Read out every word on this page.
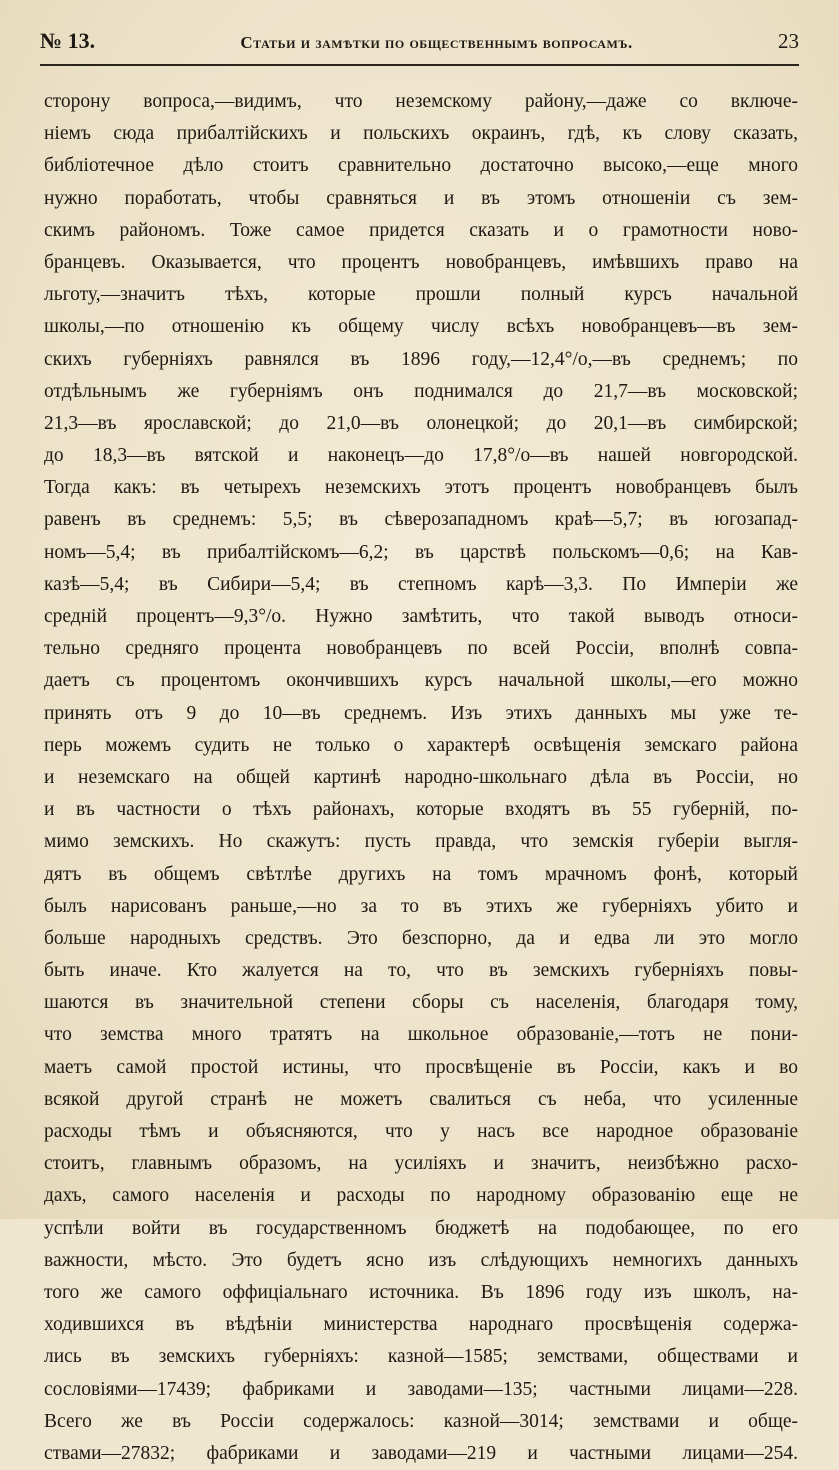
№ 13.	Статьи и замѣтки по общественнымъ вопросамъ.	23
сторону вопроса,—видимъ, что неземскому району,—даже со включе-
ніемъ сюда прибалтійскихъ и польскихъ окраинъ, гдѣ, къ слову сказать,
библіотечное дѣло стоитъ сравнительно достаточно высоко,—еще много
нужно поработать, чтобы сравняться и въ этомъ отношеніи съ зем-
скимъ райономъ. Тоже самое придется сказать и о грамотности ново-
бранцевъ. Оказывается, что процентъ новобранцевъ, имѣвшихъ право на
льготу,—значитъ тѣхъ, которые прошли полный курсъ начальной
школы,—по отношенію къ общему числу всѣхъ новобранцевъ—въ зем-
скихъ губерніяхъ равнялся въ 1896 году,—12,4°/о,—въ среднемъ; по
отдѣльнымъ же губерніямъ онъ поднимался до 21,7—въ московской;
21,3—въ ярославской; до 21,0—въ олонецкой; до 20,1—въ симбирской;
до 18,3—въ вятской и наконецъ—до 17,8°/о—въ нашей новгородской.
Тогда какъ: въ четырехъ неземскихъ этотъ процентъ новобранцевъ былъ
равенъ въ среднемъ: 5,5; въ сѣверозападномъ краѣ—5,7; въ югозапад-
номъ—5,4; въ прибалтійскомъ—6,2; въ царствѣ польскомъ—0,6; на Кав-
казѣ—5,4; въ Сибири—5,4; въ степномъ карѣ—3,3. По Имперіи же
средній процентъ—9,3°/о. Нужно замѣтить, что такой выводъ относи-
тельно средняго процента новобранцевъ по всей Россіи, вполнѣ совпа-
даетъ съ процентомъ окончившихъ курсъ начальной школы,—его можно
принять отъ 9 до 10—въ среднемъ. Изъ этихъ данныхъ мы уже те-
перь можемъ судить не только о характерѣ освѣщенія земскаго района
и неземскаго на общей картинѣ народно-школьнаго дѣла въ Россіи, но
и въ частности о тѣхъ районахъ, которые входятъ въ 55 губерній, по-
мимо земскихъ. Но скажутъ: пусть правда, что земскія губеріи выгля-
дятъ въ общемъ свѣтлѣе другихъ на томъ мрачномъ фонѣ, который
былъ нарисованъ раньше,—но за то въ этихъ же губерніяхъ убито и
больше народныхъ средствъ. Это безспорно, да и едва ли это могло
быть иначе. Кто жалуется на то, что въ земскихъ губерніяхъ повы-
шаются въ значительной степени сборы съ населенія, благодаря тому,
что земства много тратятъ на школьное образованіе,—тотъ не пони-
маетъ самой простой истины, что просвѣщеніе въ Россіи, какъ и во
всякой другой странѣ не можетъ свалиться съ неба, что усиленные
расходы тѣмъ и объясняются, что у насъ все народное образованіе
стоитъ, главнымъ образомъ, на усиліяхъ и значитъ, неизбѣжно расхо-
дахъ, самого населенія и расходы по народному образованію еще не
успѣли войти въ государственномъ бюджетѣ на подобающее, по его
важности, мѣсто. Это будетъ ясно изъ слѣдующихъ немногихъ данныхъ
того же самого оффиціальнаго источника. Въ 1896 году изъ школъ, на-
ходившихся въ вѣдѣніи министерства народнаго просвѣщенія содержа-
лись въ земскихъ губерніяхъ: казной—1585; земствами, обществами и
сословіями—17439; фабриками и заводами—135; частными лицами—228.
Всего же въ Россіи содержалось: казной—3014; земствами и обще-
ствами—27832; фабриками и заводами—219 и частными лицами—254.
